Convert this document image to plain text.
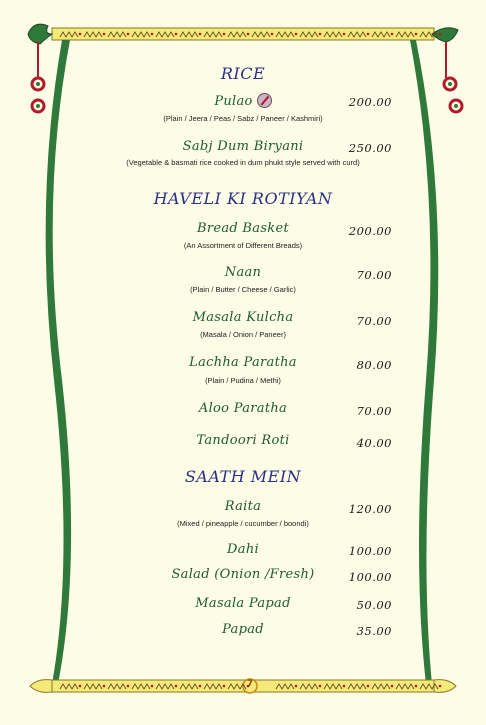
7
RICE
Pulao	200.00
(Plain / Jeera / Peas / Sabz / Paneer / Kashmiri)
Sabj Dum Biryani	250.00
(Vegetable & basmati rice cooked in dum phukt style served with curd)
HAVELI KI ROTIYAN
Bread Basket	200.00
(An Assortment of Different Breads)
Naan	70.00
(Plain / Butter / Cheese / Garlic)
Masala Kulcha	70.00
(Masala / Onion / Paneer)
Lachha Paratha	80.00
(Plain / Pudina / Methi)
Aloo Paratha	70.00
Tandoori Roti	40.00
SAATH MEIN
Raita	120.00
(Mixed / pineapple / cucumber / boondi)
Dahi	100.00
Salad (Onion /Fresh)	100.00
Masala Papad	50.00
Papad	35.00
